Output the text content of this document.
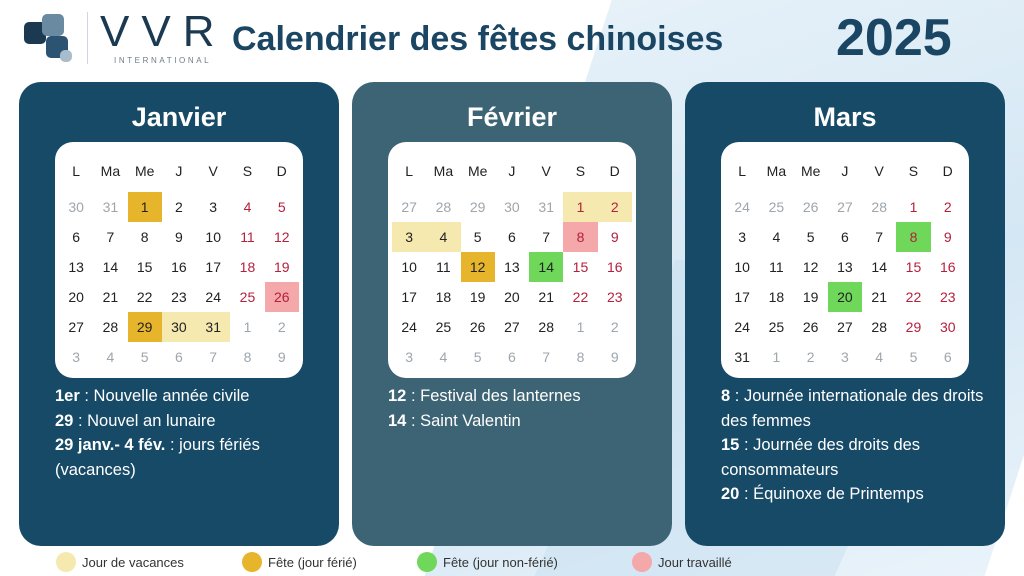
VVR
INTERNATIONAL
Calendrier des fêtes chinoises 2025
Janvier
L	Ma	Me	J	V	S	D
30	31	1	2	3	4	5
6	7	8	9	10	11	12
13	14	15	16	17	18	19
20	21	22	23	24	25	26
27	28	29	30	31	1	2
3	4	5	6	7	8	9

1er : Nouvelle année civile

29 : Nouvel an lunaire

29 janv.- 4 fév. : jours fériés (vacances)

Février
L	Ma	Me	J	V	S	D
27	28	29	30	31	1	2
3	4	5	6	7	8	9
10	11	12	13	14	15	16
17	18	19	20	21	22	23
24	25	26	27	28	1	2
3	4	5	6	7	8	9

12 : Festival des lanternes

14 : Saint Valentin

Mars
L	Ma	Me	J	V	S	D
24	25	26	27	28	1	2
3	4	5	6	7	8	9
10	11	12	13	14	15	16
17	18	19	20	21	22	23
24	25	26	27	28	29	30
31	1	2	3	4	5	6

8 : Journée internationale des droits des femmes

15 : Journée des droits des consommateurs

20 : Équinoxe de Printemps

Jour de vacances	Fête (jour férié)	Fête (jour non-férié)	Jour travaillé
